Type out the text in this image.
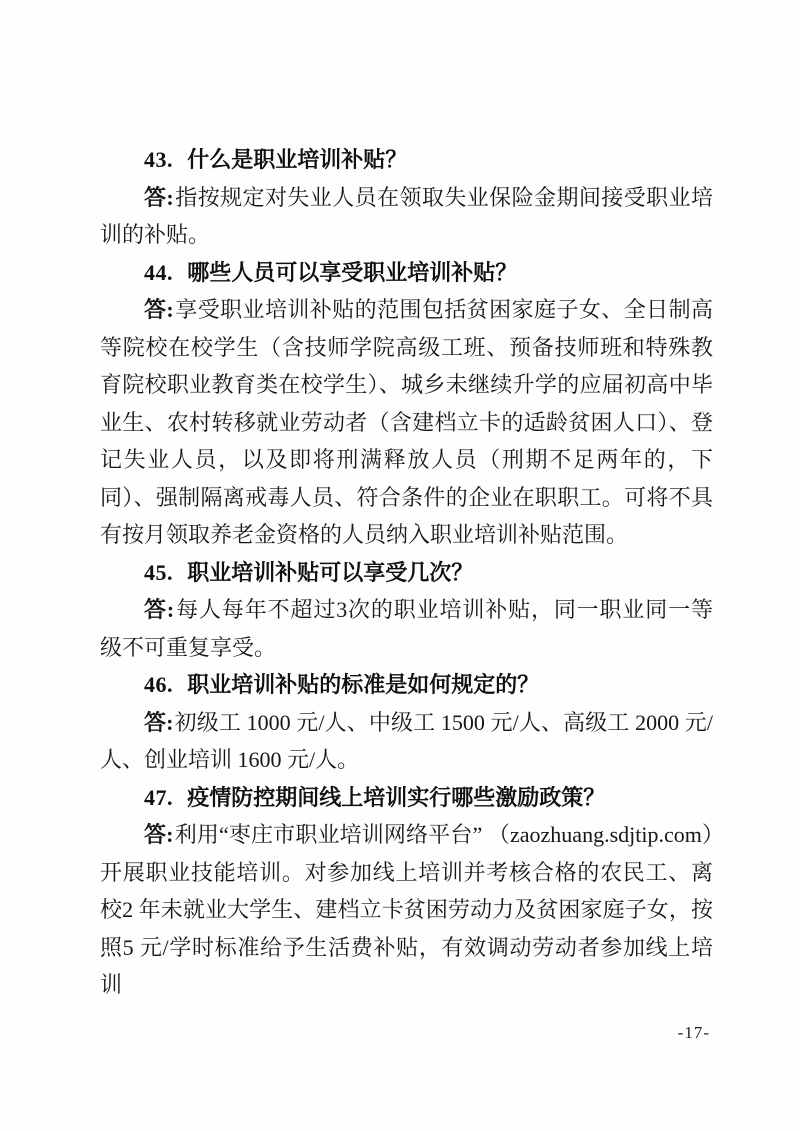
43. 什么是职业培训补贴？

答:指按规定对失业人员在领取失业保险金期间接受职业培训的补贴。

44. 哪些人员可以享受职业培训补贴？

答:享受职业培训补贴的范围包括贫困家庭子女、全日制高等院校在校学生（含技师学院高级工班、预备技师班和特殊教育院校职业教育类在校学生）、城乡未继续升学的应届初高中毕业生、农村转移就业劳动者（含建档立卡的适龄贫困人口）、登记失业人员，以及即将刑满释放人员（刑期不足两年的，下同）、强制隔离戒毒人员、符合条件的企业在职职工。可将不具有按月领取养老金资格的人员纳入职业培训补贴范围。

45. 职业培训补贴可以享受几次？

答:每人每年不超过3次的职业培训补贴，同一职业同一等级不可重复享受。

46. 职业培训补贴的标准是如何规定的？

答:初级工 1000 元/人、中级工 1500 元/人、高级工 2000 元/人、创业培训 1600 元/人。

47. 疫情防控期间线上培训实行哪些激励政策？

答:利用“枣庄市职业培训网络平台” （zaozhuang.sdjtip.com）开展职业技能培训。对参加线上培训并考核合格的农民工、离校2 年未就业大学生、建档立卡贫困劳动力及贫困家庭子女，按照5 元/学时标准给予生活费补贴，有效调动劳动者参加线上培训

-17-
